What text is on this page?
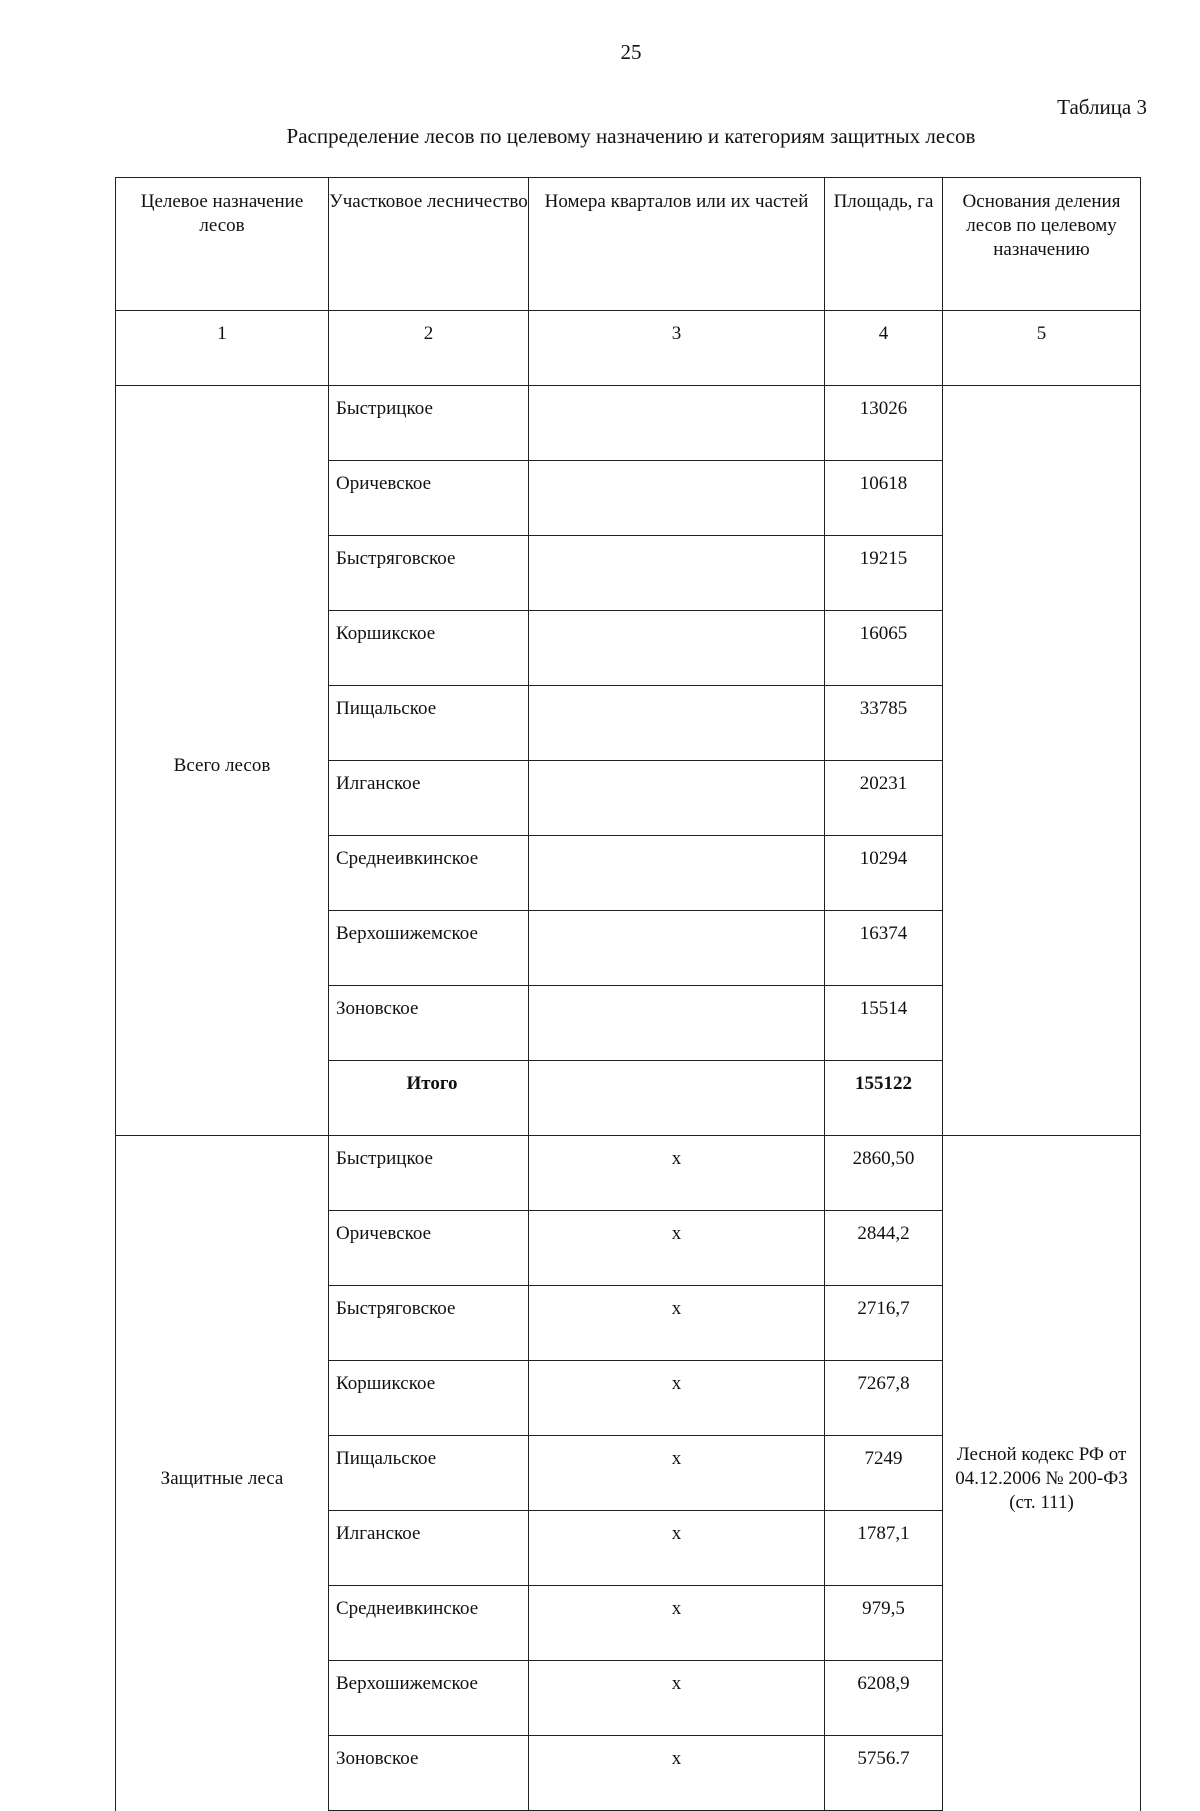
25
Таблица 3
Распределение лесов по целевому назначению и категориям защитных лесов
Целевое назначение лесов	Участковое лесничество	Номера кварталов или их частей	Площадь, га	Основания деления лесов по целевому назначению
1	2	3	4	5
Всего лесов	Быстрицкое		13026	
	Оричевское		10618	
	Быстряговское		19215	
	Коршикское		16065	
	Пищальское		33785	
	Илганское		20231	
	Среднеивкинское		10294	
	Верхошижемское		16374	
	Зоновское		15514	
	Итого		155122	
Защитные леса	Быстрицкое	х	2860,50	Лесной кодекс РФ от 04.12.2006 № 200-ФЗ (ст. 111)
	Оричевское	х	2844,2	
	Быстряговское	х	2716,7	
	Коршикское	х	7267,8	
	Пищальское	х	7249	
	Илганское	х	1787,1	
	Среднеивкинское	х	979,5	
	Верхошижемское	х	6208,9	
	Зоновское	х	5756.7	
